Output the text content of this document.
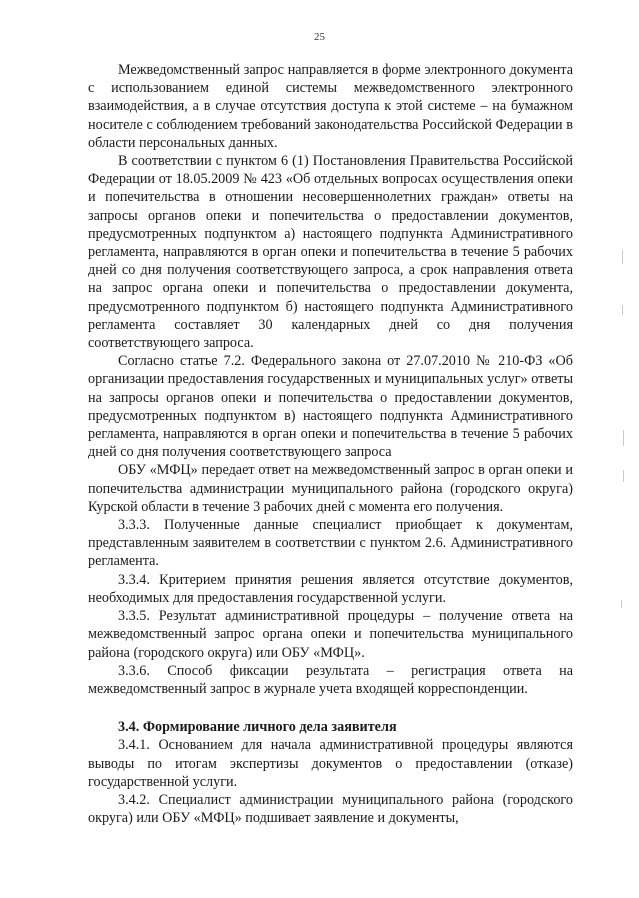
25

Межведомственный запрос направляется в форме электронного документа с использованием единой системы межведомственного электронного взаимодействия, а в случае отсутствия доступа к этой системе – на бумажном носителе с соблюдением требований законодательства Российской Федерации в области персональных данных.

В соответствии с пунктом 6 (1) Постановления Правительства Российской Федерации от 18.05.2009 № 423 «Об отдельных вопросах осуществления опеки и попечительства в отношении несовершеннолетних граждан» ответы на запросы органов опеки и попечительства о предоставлении документов, предусмотренных подпунктом а) настоящего подпункта Административного регламента, направляются в орган опеки и попечительства в течение 5 рабочих дней со дня получения соответствующего запроса, а срок направления ответа на запрос органа опеки и попечительства о предоставлении документа, предусмотренного подпунктом б) настоящего подпункта Административного регламента составляет 30 календарных дней со дня получения соответствующего запроса.

Согласно статье 7.2. Федерального закона от 27.07.2010 № 210-ФЗ «Об организации предоставления государственных и муниципальных услуг» ответы на запросы органов опеки и попечительства о предоставлении документов, предусмотренных подпунктом в) настоящего подпункта Административного регламента, направляются в орган опеки и попечительства в течение 5 рабочих дней со дня получения соответствующего запроса

ОБУ «МФЦ» передает ответ на межведомственный запрос в орган опеки и попечительства администрации муниципального района (городского округа) Курской области в течение 3 рабочих дней с момента его получения.

3.3.3. Полученные данные специалист приобщает к документам, представленным заявителем в соответствии с пунктом 2.6. Административного регламента.

3.3.4. Критерием принятия решения является отсутствие документов, необходимых для предоставления государственной услуги.

3.3.5. Результат административной процедуры – получение ответа на межведомственный запрос органа опеки и попечительства муниципального района (городского округа) или ОБУ «МФЦ».

3.3.6. Способ фиксации результата – регистрация ответа на межведомственный запрос в журнале учета входящей корреспонденции.

3.4. Формирование личного дела заявителя

3.4.1. Основанием для начала административной процедуры являются выводы по итогам экспертизы документов о предоставлении (отказе) государственной услуги.

3.4.2. Специалист администрации муниципального района (городского округа) или ОБУ «МФЦ» подшивает заявление и документы,
